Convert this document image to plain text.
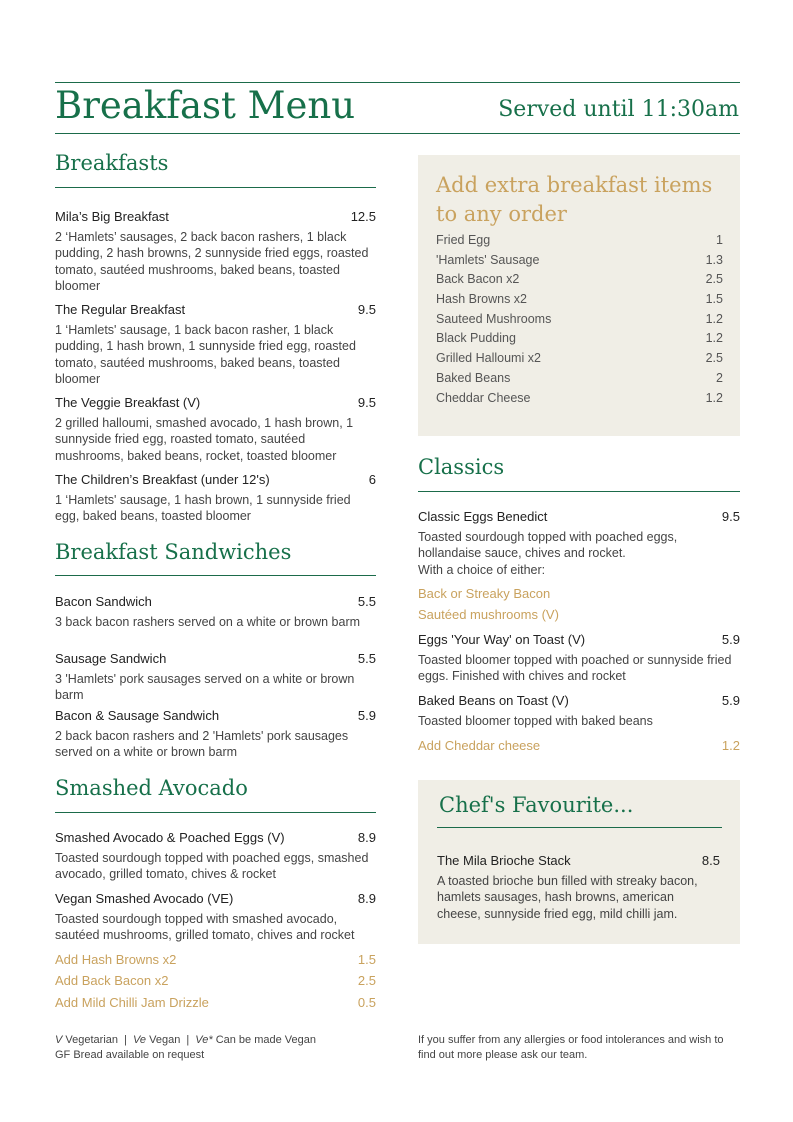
Breakfast Menu	Served until 11:30am
Breakfasts
Mila’s Big Breakfast	12.5
2 ‘Hamlets’ sausages, 2 back bacon rashers, 1 black pudding, 2 hash browns, 2 sunnyside fried eggs, roasted tomato, sautéed mushrooms, baked beans, toasted bloomer
The Regular Breakfast	9.5
1 ‘Hamlets' sausage, 1 back bacon rasher, 1 black pudding, 1 hash brown, 1 sunnyside fried egg, roasted tomato, sautéed mushrooms, baked beans, toasted bloomer
The Veggie Breakfast (V)	9.5
2 grilled halloumi, smashed avocado, 1 hash brown, 1 sunnyside fried egg, roasted tomato, sautéed mushrooms, baked beans, rocket, toasted bloomer
The Children’s Breakfast (under 12's)	6
1 ‘Hamlets' sausage, 1 hash brown, 1 sunnyside fried egg, baked beans, toasted bloomer
Breakfast Sandwiches
Bacon Sandwich	5.5
3 back bacon rashers served on a white or brown barm
Sausage Sandwich	5.5
3 'Hamlets' pork sausages served on a white or brown barm
Bacon & Sausage Sandwich	5.9
2 back bacon rashers and 2 'Hamlets' pork sausages served on a white or brown barm
Smashed Avocado
Smashed Avocado & Poached Eggs (V)	8.9
Toasted sourdough topped with poached eggs, smashed avocado, grilled tomato, chives & rocket
Vegan Smashed Avocado (VE)	8.9
Toasted sourdough topped with smashed avocado, sautéed mushrooms, grilled tomato, chives and rocket
Add Hash Browns x2	1.5
Add Back Bacon x2	2.5
Add Mild Chilli Jam Drizzle	0.5
Add extra breakfast items to any order
Fried Egg	1
'Hamlets' Sausage	1.3
Back Bacon x2	2.5
Hash Browns x2	1.5
Sauteed Mushrooms	1.2
Black Pudding	1.2
Grilled Halloumi x2	2.5
Baked Beans	2
Cheddar Cheese	1.2
Classics
Classic Eggs Benedict	9.5
Toasted sourdough topped with poached eggs, hollandaise sauce, chives and rocket.
With a choice of either:
Back or Streaky Bacon
Sautéed mushrooms (V)
Eggs 'Your Way' on Toast (V)	5.9
Toasted bloomer topped with poached or sunnyside fried eggs. Finished with chives and rocket
Baked Beans on Toast (V)	5.9
Toasted bloomer topped with baked beans
Add Cheddar cheese	1.2
Chef's Favourite...
The Mila Brioche Stack	8.5
A toasted brioche bun filled with streaky bacon, hamlets sausages, hash browns, american cheese, sunnyside fried egg, mild chilli jam.
V Vegetarian | Ve Vegan | Ve* Can be made Vegan
GF Bread available on request
If you suffer from any allergies or food intolerances and wish to find out more please ask our team.
